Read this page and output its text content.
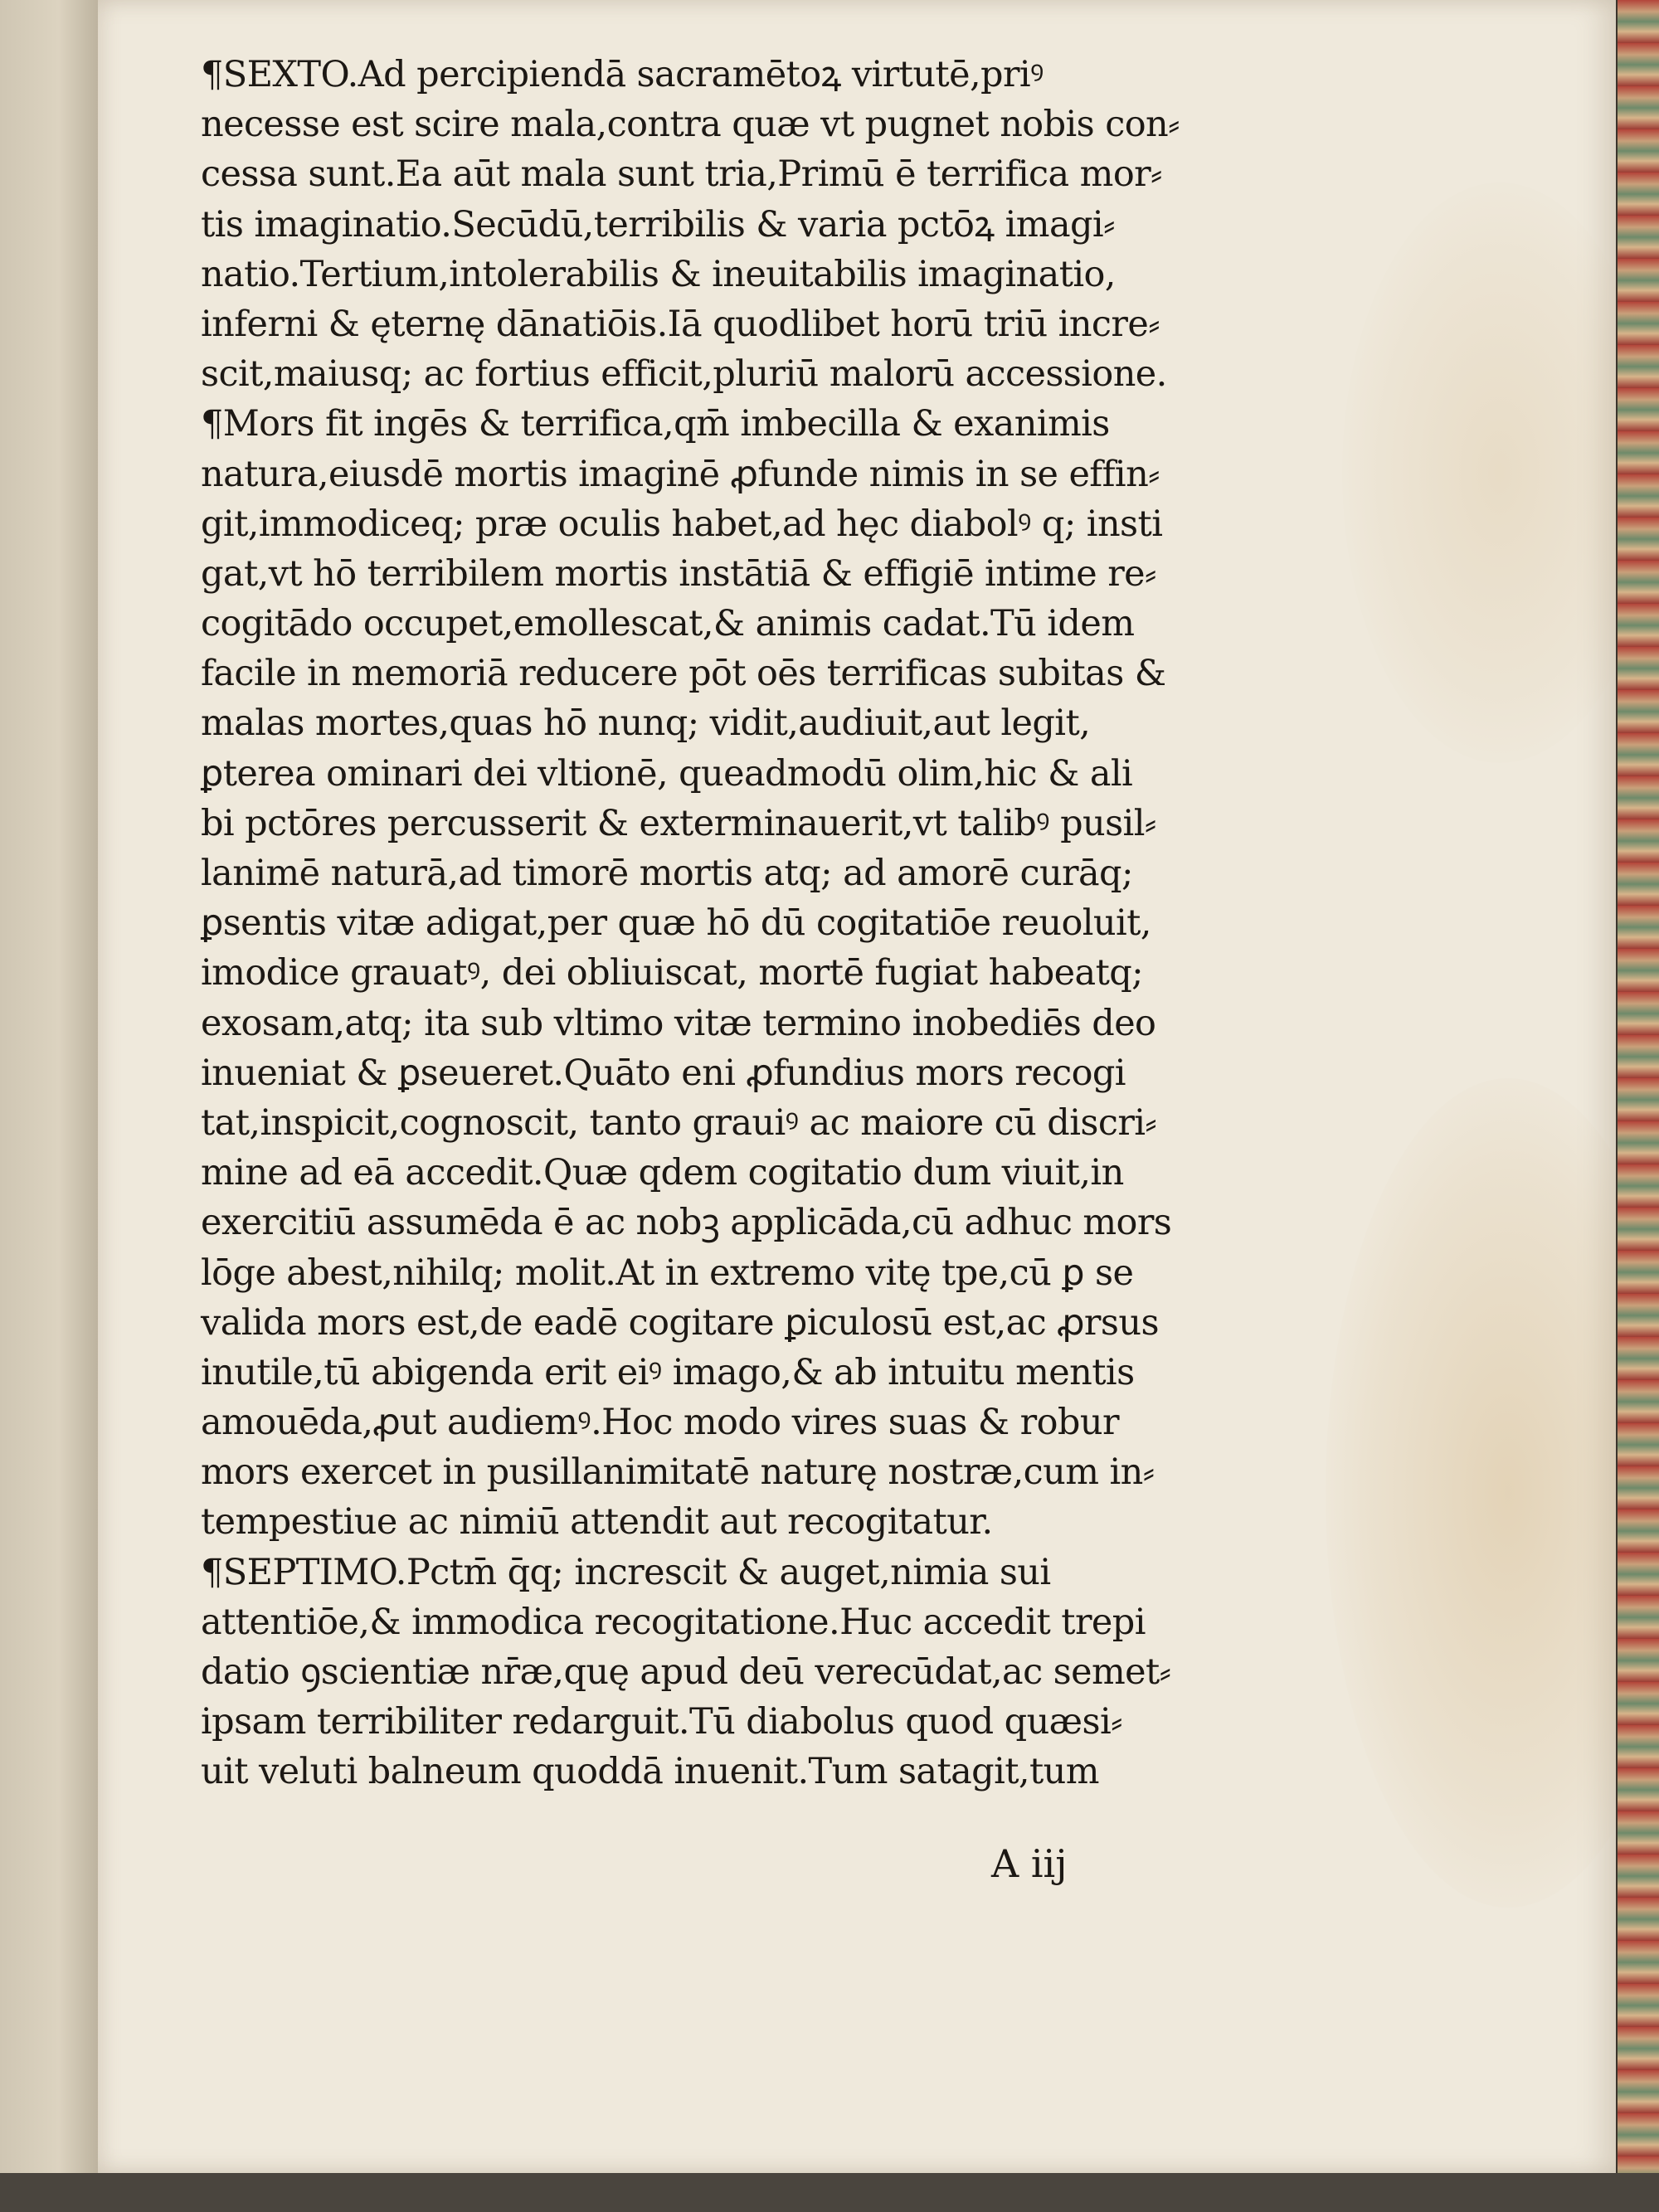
¶SEXTO.Ad percipiendā sacramētoꝝ virtutē,priꝰ
necesse est scire mala,contra quæ vt pugnet nobis con⸗
cessa sunt.Ea aūt mala sunt tria,Primū ē terrifica mor⸗
tis imaginatio.Secūdū,terribilis & varia pctōꝝ imagi⸗
natio.Tertium,intolerabilis & ineuitabilis imaginatio,
inferni & ęternę dānatiōis.Iā quodlibet horū triū incre⸗
scit,maiusq; ac fortius efficit,pluriū malorū accessione.
¶Mors fit ingēs & terrifica,qm̄ imbecilla & exanimis
natura,eiusdē mortis imaginē ꝓfunde nimis in se effin⸗
git,immodiceq; præ oculis habet,ad hęc diabolꝰ q; insti
gat,vt hō terribilem mortis instātiā & effigiē intime re⸗
cogitādo occupet,emollescat,& animis cadat.Tū idem
facile in memoriā reducere pōt oēs terrificas subitas &
malas mortes,quas hō nunq; vidit,audiuit,aut legit,
ꝑterea ominari dei vltionē, queadmodū olim,hic & ali
bi pctōres percusserit & exterminauerit,vt talibꝰ pusil⸗
lanimē naturā,ad timorē mortis atq; ad amorē curāq;
ꝑsentis vitæ adigat,per quæ hō dū cogitatiōe reuoluit,
imodice grauatꝰ, dei obliuiscat, mortē fugiat habeatq;
exosam,atq; ita sub vltimo vitæ termino inobediēs deo
inueniat & ꝑseueret.Quāto eni ꝓfundius mors recogi
tat,inspicit,cognoscit, tanto grauiꝰ ac maiore cū discri⸗
mine ad eā accedit.Quæ qdem cogitatio dum viuit,in
exercitiū assumēda ē ac nobꝫ applicāda,cū adhuc mors
lōge abest,nihilq; molit.At in extremo vitę tpe,cū ꝑ se
valida mors est,de eadē cogitare ꝑiculosū est,ac ꝓrsus
inutile,tū abigenda erit eiꝰ imago,& ab intuitu mentis
amouēda,ꝓut audiemꝰ.Hoc modo vires suas & robur
mors exercet in pusillanimitatē naturę nostræ,cum in⸗
tempestiue ac nimiū attendit aut recogitatur.
¶SEPTIMO.Pctm̄ q̄q; increscit & auget,nimia sui
attentiōe,& immodica recogitatione.Huc accedit trepi
datio ꝯscientiæ nr̄æ,quę apud deū verecūdat,ac semet⸗
ipsam terribiliter redarguit.Tū diabolus quod quæsi⸗
uit veluti balneum quoddā inuenit.Tum satagit,tum
A iij
